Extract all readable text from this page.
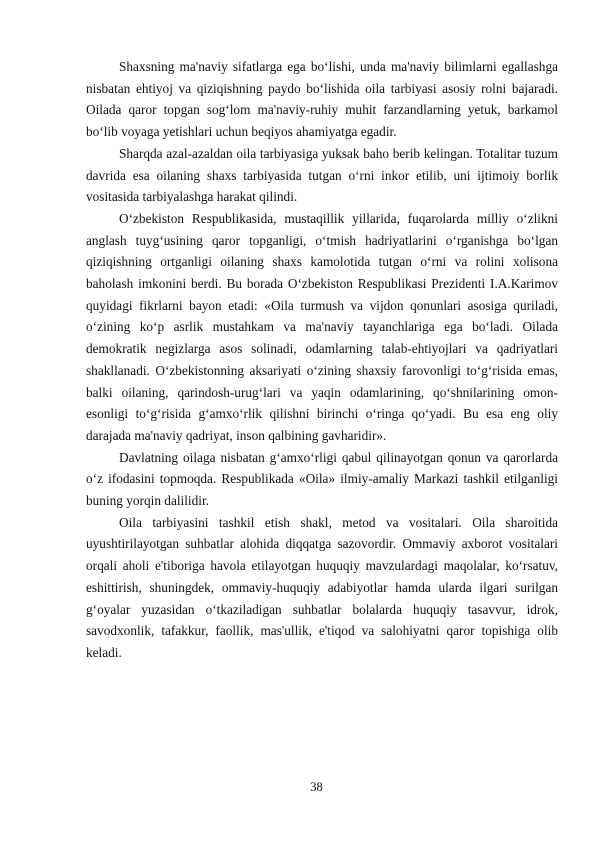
Shaxsning ma'naviy sifatlarga ega bo‘lishi, unda ma'naviy bilimlarni egallashga nisbatan ehtiyoj va qiziqishning paydo bo‘lishida oila tarbiyasi asosiy rolni bajaradi. Oilada qaror topgan sog‘lom ma'naviy-ruhiy muhit farzandlarning yetuk, barkamol bo‘lib voyaga yetishlari uchun beqiyos ahamiyatga egadir.

Sharqda azal-azaldan oila tarbiyasiga yuksak baho berib kelingan. Totalitar tuzum davrida esa oilaning shaxs tarbiyasida tutgan o‘rni inkor etilib, uni ijtimoiy borlik vositasida tarbiyalashga harakat qilindi.

O‘zbekiston Respublikasida, mustaqillik yillarida, fuqarolarda milliy o‘zlikni anglash tuyg‘usining qaror topganligi, o‘tmish hadriyatlarini o‘rganishga bo‘lgan qiziqishning ortganligi oilaning shaxs kamolotida tutgan o‘rni va rolini xolisona baholash imkonini berdi. Bu borada O‘zbekiston Respublikasi Prezidenti I.A.Karimov quyidagi fikrlarni bayon etadi: «Oila turmush va vijdon qonunlari asosiga quriladi, o‘zining ko‘p asrlik mustahkam va ma'naviy tayanchlariga ega bo‘ladi. Oilada demokratik negizlarga asos solinadi, odamlarning talab-ehtiyojlari va qadriyatlari shakllanadi. O‘zbekistonning aksariyati o‘zining shaxsiy farovonligi to‘g‘risida emas, balki oilaning, qarindosh-urug‘lari va yaqin odamlarining, qo‘shnilarining omon-esonligi to‘g‘risida g‘amxo‘rlik qilishni birinchi o‘ringa qo‘yadi. Bu esa eng oliy darajada ma'naviy qadriyat, inson qalbining gavharidir».

Davlatning oilaga nisbatan g‘amxo‘rligi qabul qilinayotgan qonun va qarorlarda o‘z ifodasini topmoqda. Respublikada «Oila» ilmiy-amaliy Markazi tashkil etilganligi buning yorqin dalilidir.

Oila tarbiyasini tashkil etish shakl, metod va vositalari. Oila sharoitida uyushtirilayotgan suhbatlar alohida diqqatga sazovordir. Ommaviy axborot vositalari orqali aholi e'tiboriga havola etilayotgan huquqiy mavzulardagi maqolalar, ko‘rsatuv, eshittirish, shuningdek, ommaviy-huquqiy adabiyotlar hamda ularda ilgari surilgan g‘oyalar yuzasidan o‘tkaziladigan suhbatlar bolalarda huquqiy tasavvur, idrok, savodxonlik, tafakkur, faollik, mas'ullik, e'tiqod va salohiyatni qaror topishiga olib keladi.

38
